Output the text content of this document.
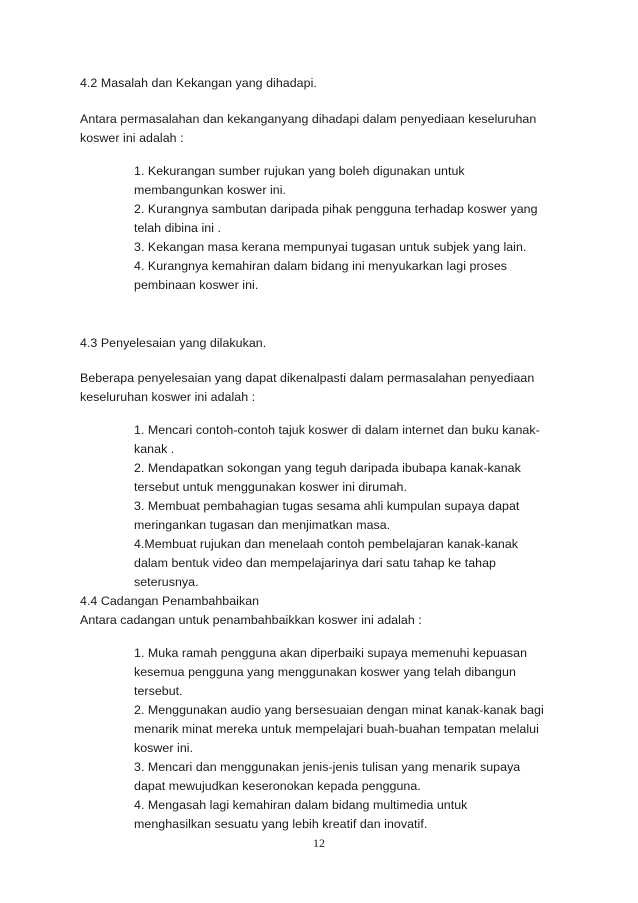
4.2 Masalah dan Kekangan yang dihadapi.
Antara permasalahan dan kekanganyang dihadapi dalam penyediaan keseluruhan
koswer ini adalah :
1. Kekurangan sumber rujukan yang boleh digunakan untuk
membangunkan koswer ini.
2. Kurangnya sambutan daripada pihak pengguna terhadap koswer yang
telah dibina ini .
3. Kekangan masa kerana mempunyai tugasan untuk subjek yang lain.
4. Kurangnya kemahiran dalam bidang ini menyukarkan lagi proses
pembinaan koswer ini.
4.3 Penyelesaian yang dilakukan.
Beberapa penyelesaian yang dapat dikenalpasti dalam permasalahan penyediaan
keseluruhan koswer ini adalah :
1. Mencari contoh-contoh tajuk koswer di dalam internet dan buku kanak-
kanak .
2. Mendapatkan sokongan yang teguh daripada ibubapa kanak-kanak
tersebut untuk menggunakan koswer ini dirumah.
3. Membuat pembahagian tugas sesama ahli kumpulan supaya dapat
meringankan tugasan dan menjimatkan masa.
4.Membuat rujukan dan menelaah contoh pembelajaran kanak-kanak
dalam bentuk video dan mempelajarinya dari satu tahap ke tahap
seterusnya.
4.4 Cadangan Penambahbaikan
Antara cadangan untuk penambahbaikkan koswer ini adalah :
1. Muka ramah pengguna akan diperbaiki supaya memenuhi kepuasan
kesemua pengguna yang menggunakan koswer yang telah dibangun
tersebut.
2. Menggunakan audio yang bersesuaian dengan minat kanak-kanak bagi
menarik minat mereka untuk mempelajari buah-buahan tempatan melalui
koswer ini.
3. Mencari dan menggunakan jenis-jenis tulisan yang menarik supaya
dapat mewujudkan keseronokan kepada pengguna.
4. Mengasah lagi kemahiran dalam bidang multimedia untuk
menghasilkan sesuatu yang lebih kreatif dan inovatif.
12
